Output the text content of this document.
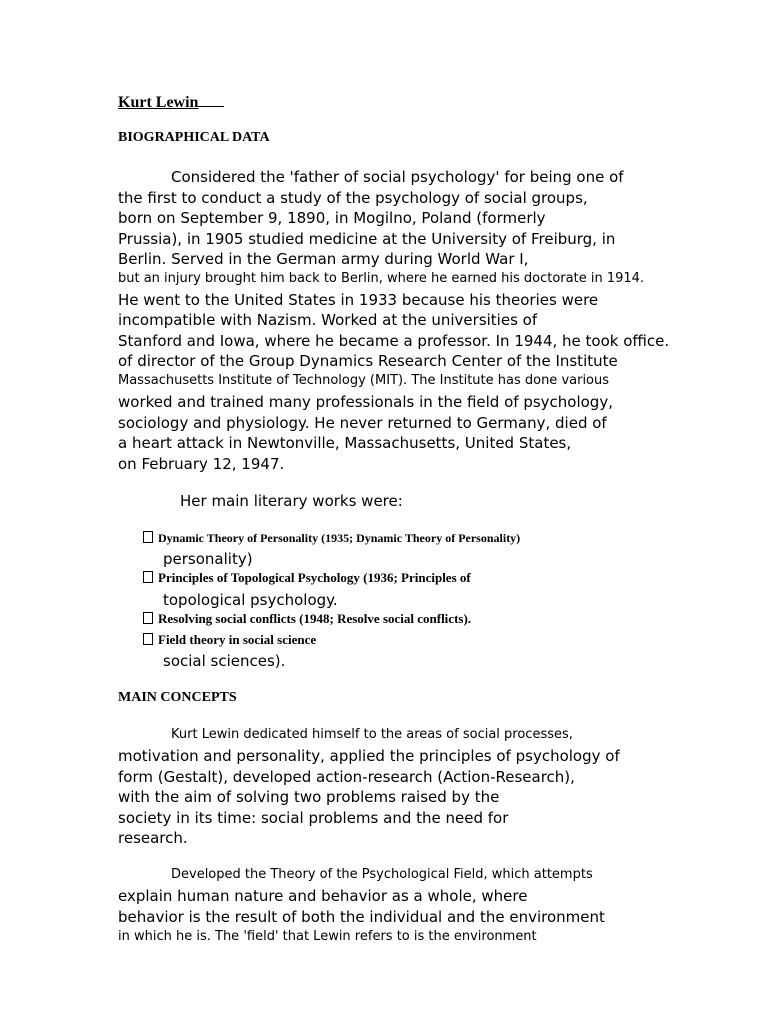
Kurt Lewin
BIOGRAPHICAL DATA
Considered the 'father of social psychology' for being one of
the first to conduct a study of the psychology of social groups,
born on September 9, 1890, in Mogilno, Poland (formerly
Prussia), in 1905 studied medicine at the University of Freiburg, in
Berlin. Served in the German army during World War I,
but an injury brought him back to Berlin, where he earned his doctorate in 1914.
He went to the United States in 1933 because his theories were
incompatible with Nazism. Worked at the universities of
Stanford and Iowa, where he became a professor. In 1944, he took office.
of director of the Group Dynamics Research Center of the Institute
Massachusetts Institute of Technology (MIT). The Institute has done various
worked and trained many professionals in the field of psychology,
sociology and physiology. He never returned to Germany, died of
a heart attack in Newtonville, Massachusetts, United States,
on February 12, 1947.
Her main literary works were:
Dynamic Theory of Personality (1935; Dynamic Theory of Personality)
personality)
Principles of Topological Psychology (1936; Principles of
topological psychology.
Resolving social conflicts (1948; Resolve social conflicts).
Field theory in social science
social sciences).
MAIN CONCEPTS
Kurt Lewin dedicated himself to the areas of social processes,
motivation and personality, applied the principles of psychology of
form (Gestalt), developed action-research (Action-Research),
with the aim of solving two problems raised by the
society in its time: social problems and the need for
research.
Developed the Theory of the Psychological Field, which attempts
explain human nature and behavior as a whole, where
behavior is the result of both the individual and the environment
in which he is. The 'field' that Lewin refers to is the environment
